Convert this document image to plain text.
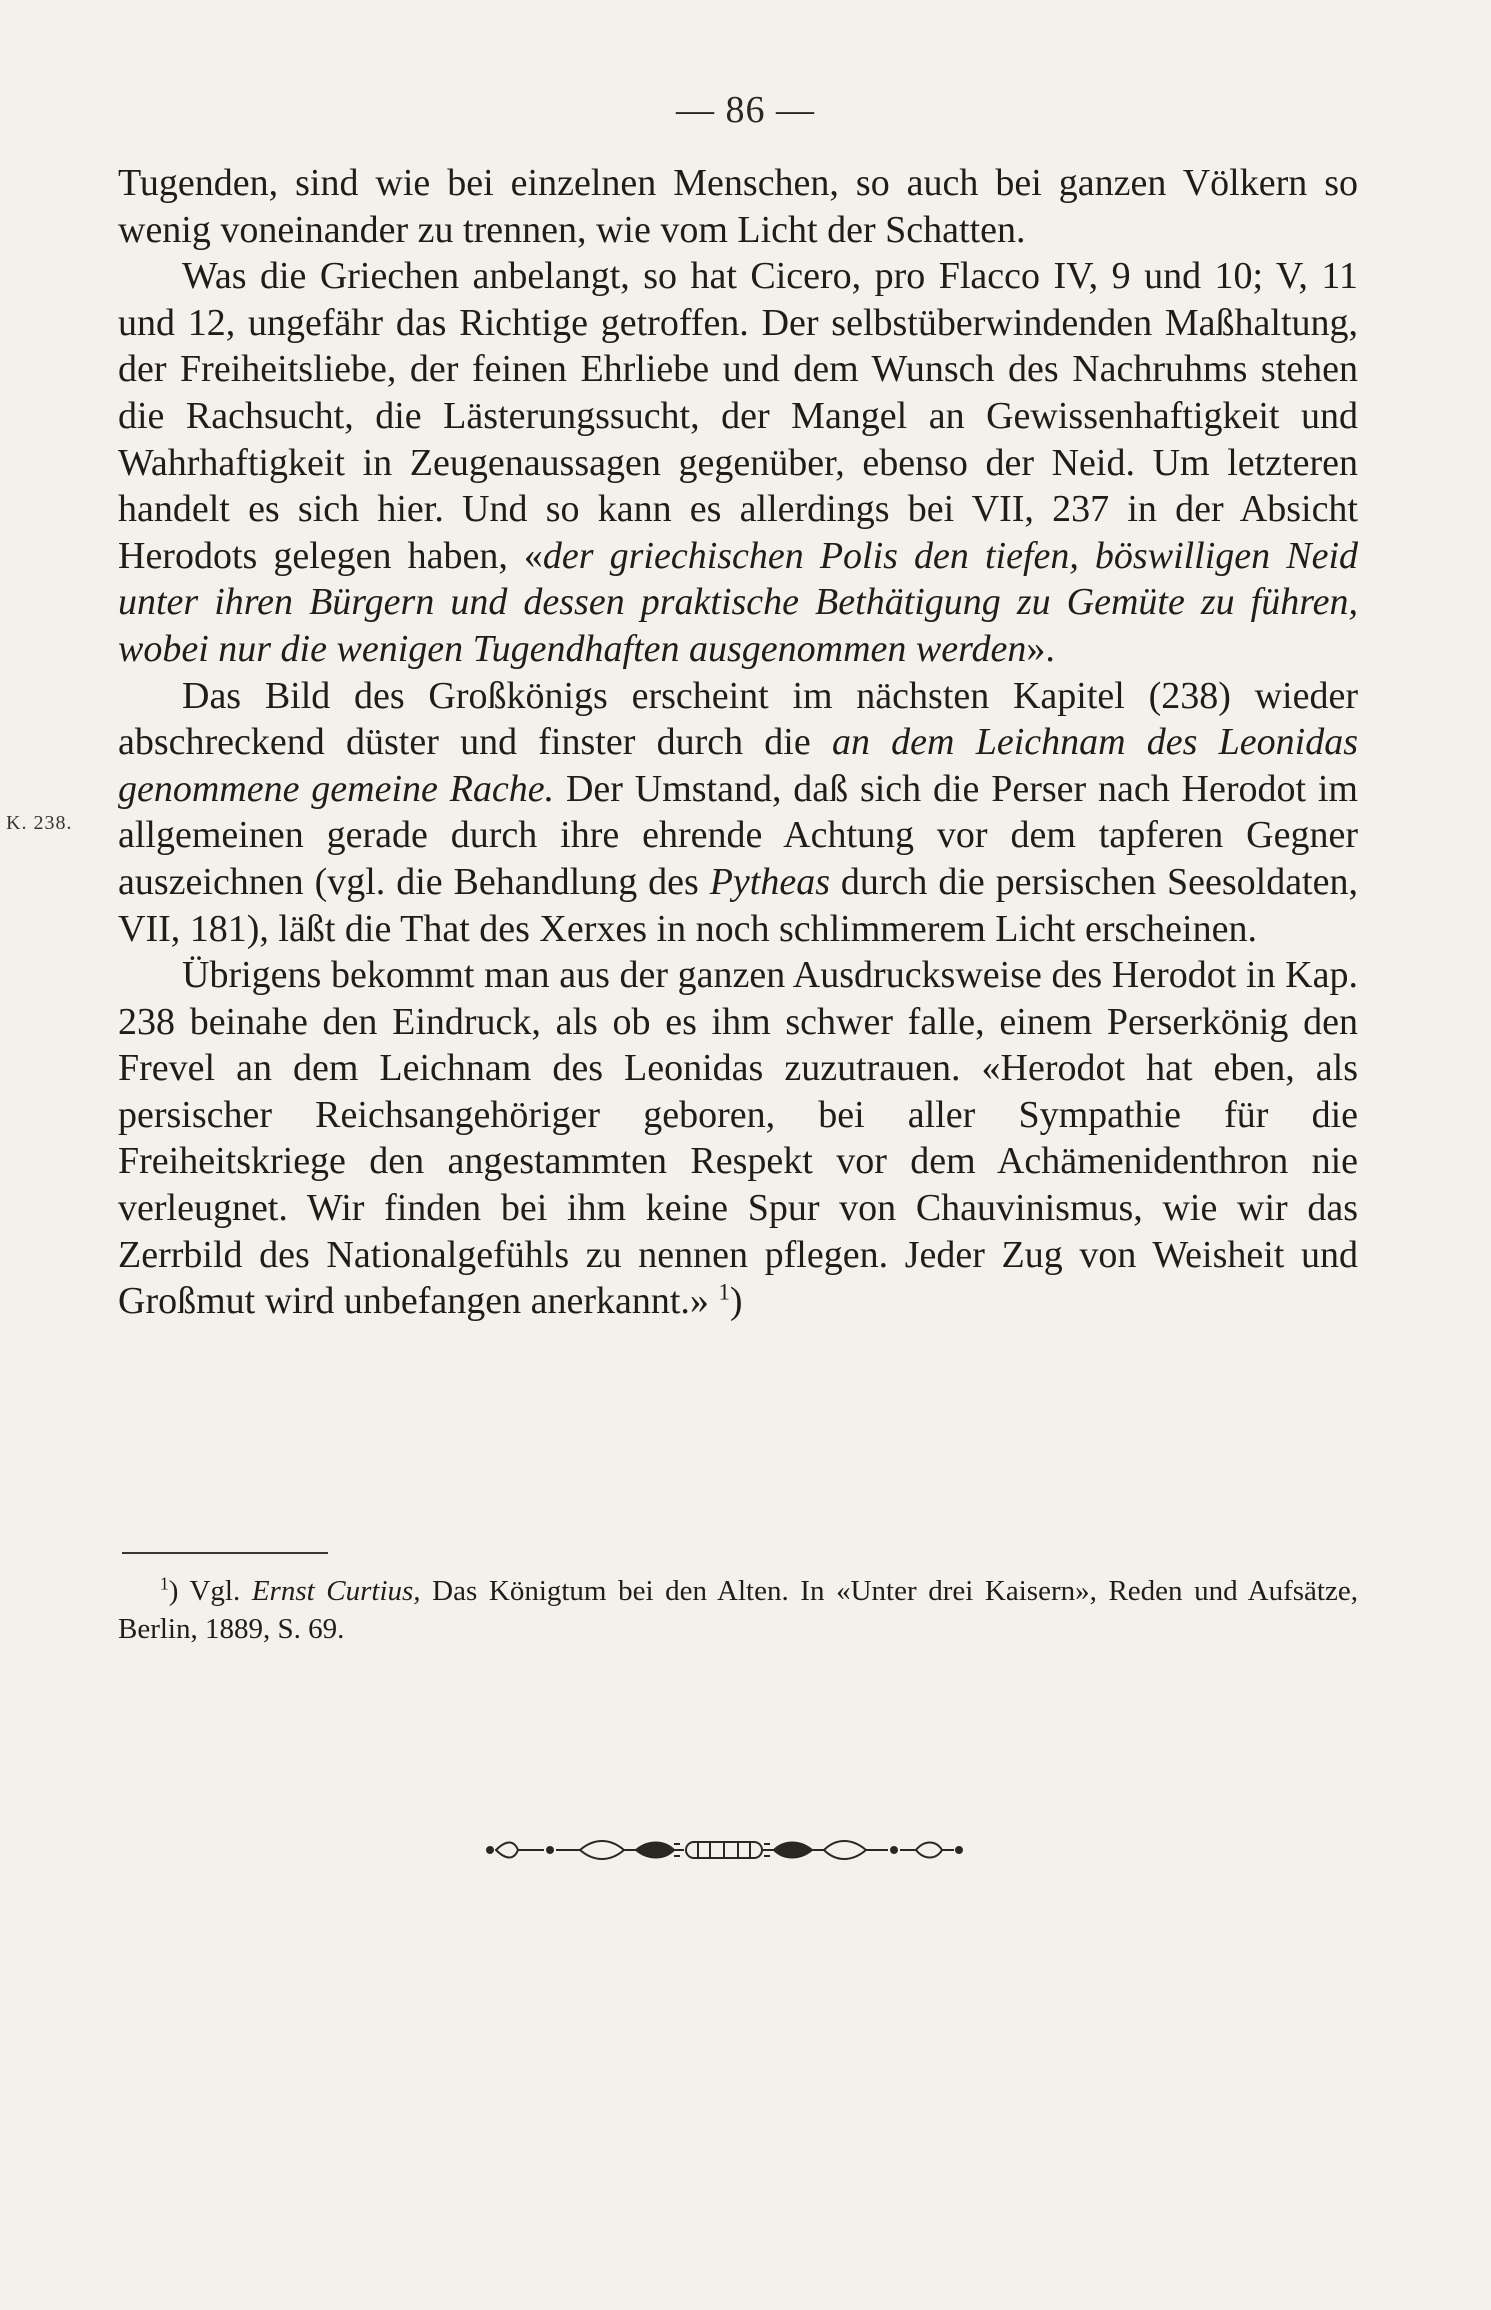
— 86 —
K. 238.

Tugenden, sind wie bei einzelnen Menschen, so auch bei ganzen Völkern so wenig voneinander zu trennen, wie vom Licht der Schatten.

Was die Griechen anbelangt, so hat Cicero, pro Flacco IV, 9 und 10; V, 11 und 12, ungefähr das Richtige getroffen. Der selbstüberwindenden Maßhaltung, der Freiheitsliebe, der feinen Ehrliebe und dem Wunsch des Nachruhms stehen die Rachsucht, die Lästerungssucht, der Mangel an Gewissenhaftigkeit und Wahrhaftigkeit in Zeugenaussagen gegenüber, ebenso der Neid. Um letzteren handelt es sich hier. Und so kann es allerdings bei VII, 237 in der Absicht Herodots gelegen haben, «der griechischen Polis den tiefen, böswilligen Neid unter ihren Bürgern und dessen praktische Bethätigung zu Gemüte zu führen, wobei nur die wenigen Tugendhaften ausgenommen werden».

Das Bild des Großkönigs erscheint im nächsten Kapitel (238) wieder abschreckend düster und finster durch die an dem Leichnam des Leonidas genommene gemeine Rache. Der Umstand, daß sich die Perser nach Herodot im allgemeinen gerade durch ihre ehrende Achtung vor dem tapferen Gegner auszeichnen (vgl. die Behandlung des Pytheas durch die persischen Seesoldaten, VII, 181), läßt die That des Xerxes in noch schlimmerem Licht erscheinen.

Übrigens bekommt man aus der ganzen Ausdrucksweise des Herodot in Kap. 238 beinahe den Eindruck, als ob es ihm schwer falle, einem Perserkönig den Frevel an dem Leichnam des Leonidas zuzutrauen. «Herodot hat eben, als persischer Reichsangehöriger geboren, bei aller Sympathie für die Freiheitskriege den angestammten Respekt vor dem Achämenidenthron nie verleugnet. Wir finden bei ihm keine Spur von Chauvinismus, wie wir das Zerrbild des Nationalgefühls zu nennen pflegen. Jeder Zug von Weisheit und Großmut wird unbefangen anerkannt.» $^1$)

$^1$) Vgl. Ernst Curtius, Das Königtum bei den Alten. In «Unter drei Kaisern», Reden und Aufsätze, Berlin, 1889, S. 69.
